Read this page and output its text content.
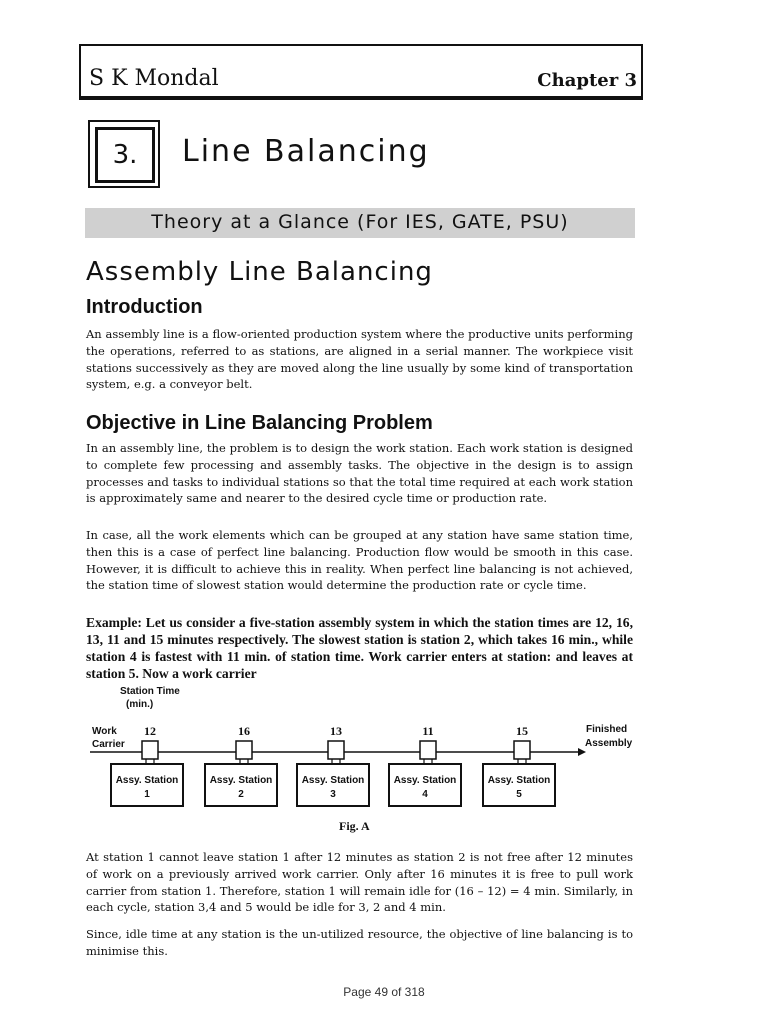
S K Mondal	Chapter 3
3.	Line Balancing
Theory at a Glance (For IES, GATE, PSU)
Assembly Line Balancing
Introduction

An assembly line is a flow-oriented production system where the productive units performing the operations, referred to as stations, are aligned in a serial manner. The workpiece visit stations successively as they are moved along the line usually by some kind of transportation system, e.g. a conveyor belt.

Objective in Line Balancing Problem

In an assembly line, the problem is to design the work station. Each work station is designed to complete few processing and assembly tasks. The objective in the design is to assign processes and tasks to individual stations so that the total time required at each work station is approximately same and nearer to the desired cycle time or production rate.

In case, all the work elements which can be grouped at any station have same station time, then this is a case of perfect line balancing. Production flow would be smooth in this case. However, it is difficult to achieve this in reality. When perfect line balancing is not achieved, the station time of slowest station would determine the production rate or cycle time.

Example: Let us consider a five-station assembly system in which the station times are 12, 16, 13, 11 and 15 minutes respectively. The slowest station is station 2, which takes 16 min., while station 4 is fastest with 11 min. of station time. Work carrier enters at station: and leaves at station 5. Now a work carrier

Station Time
(min.)
Work
Carrier
Finished
Assembly
12
Assy. Station
1
16
Assy. Station
2
13
Assy. Station
3
11
Assy. Station
4
15
Assy. Station
5
Fig. A

At station 1 cannot leave station 1 after 12 minutes as station 2 is not free after 12 minutes of work on a previously arrived work carrier. Only after 16 minutes it is free to pull work carrier from station 1. Therefore, station 1 will remain idle for (16 – 12) = 4 min. Similarly, in each cycle, station 3,4 and 5 would be idle for 3, 2 and 4 min.

Since, idle time at any station is the un-utilized resource, the objective of line balancing is to minimise this.

Page 49 of 318
